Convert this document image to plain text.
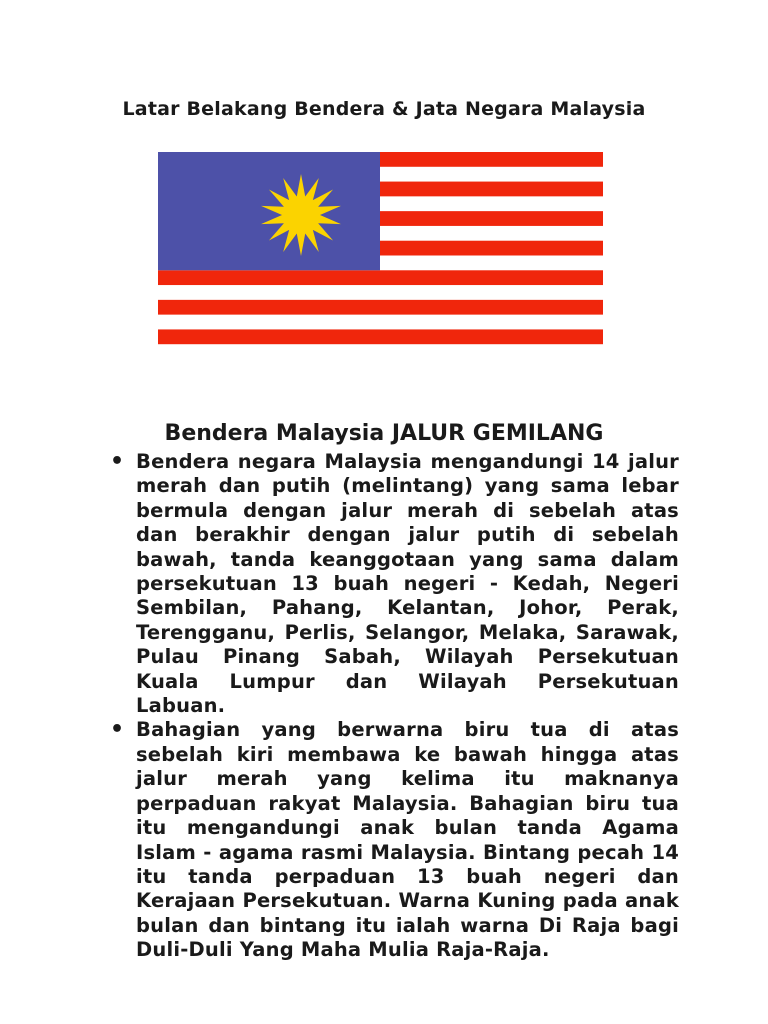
Latar Belakang Bendera & Jata Negara Malaysia
Bendera Malaysia JALUR GEMILANG
• Bendera negara Malaysia mengandungi 14 jalur merah dan putih (melintang) yang sama lebar bermula dengan jalur merah di sebelah atas dan berakhir dengan jalur putih di sebelah bawah, tanda keanggotaan yang sama dalam persekutuan 13 buah negeri - Kedah, Negeri Sembilan, Pahang, Kelantan, Johor, Perak, Terengganu, Perlis, Selangor, Melaka, Sarawak, Pulau Pinang Sabah, Wilayah Persekutuan Kuala Lumpur dan Wilayah Persekutuan Labuan.
• Bahagian yang berwarna biru tua di atas sebelah kiri membawa ke bawah hingga atas jalur merah yang kelima itu maknanya perpaduan rakyat Malaysia. Bahagian biru tua itu mengandungi anak bulan tanda Agama Islam - agama rasmi Malaysia. Bintang pecah 14 itu tanda perpaduan 13 buah negeri dan Kerajaan Persekutuan. Warna Kuning pada anak bulan dan bintang itu ialah warna Di Raja bagi Duli-Duli Yang Maha Mulia Raja-Raja.
